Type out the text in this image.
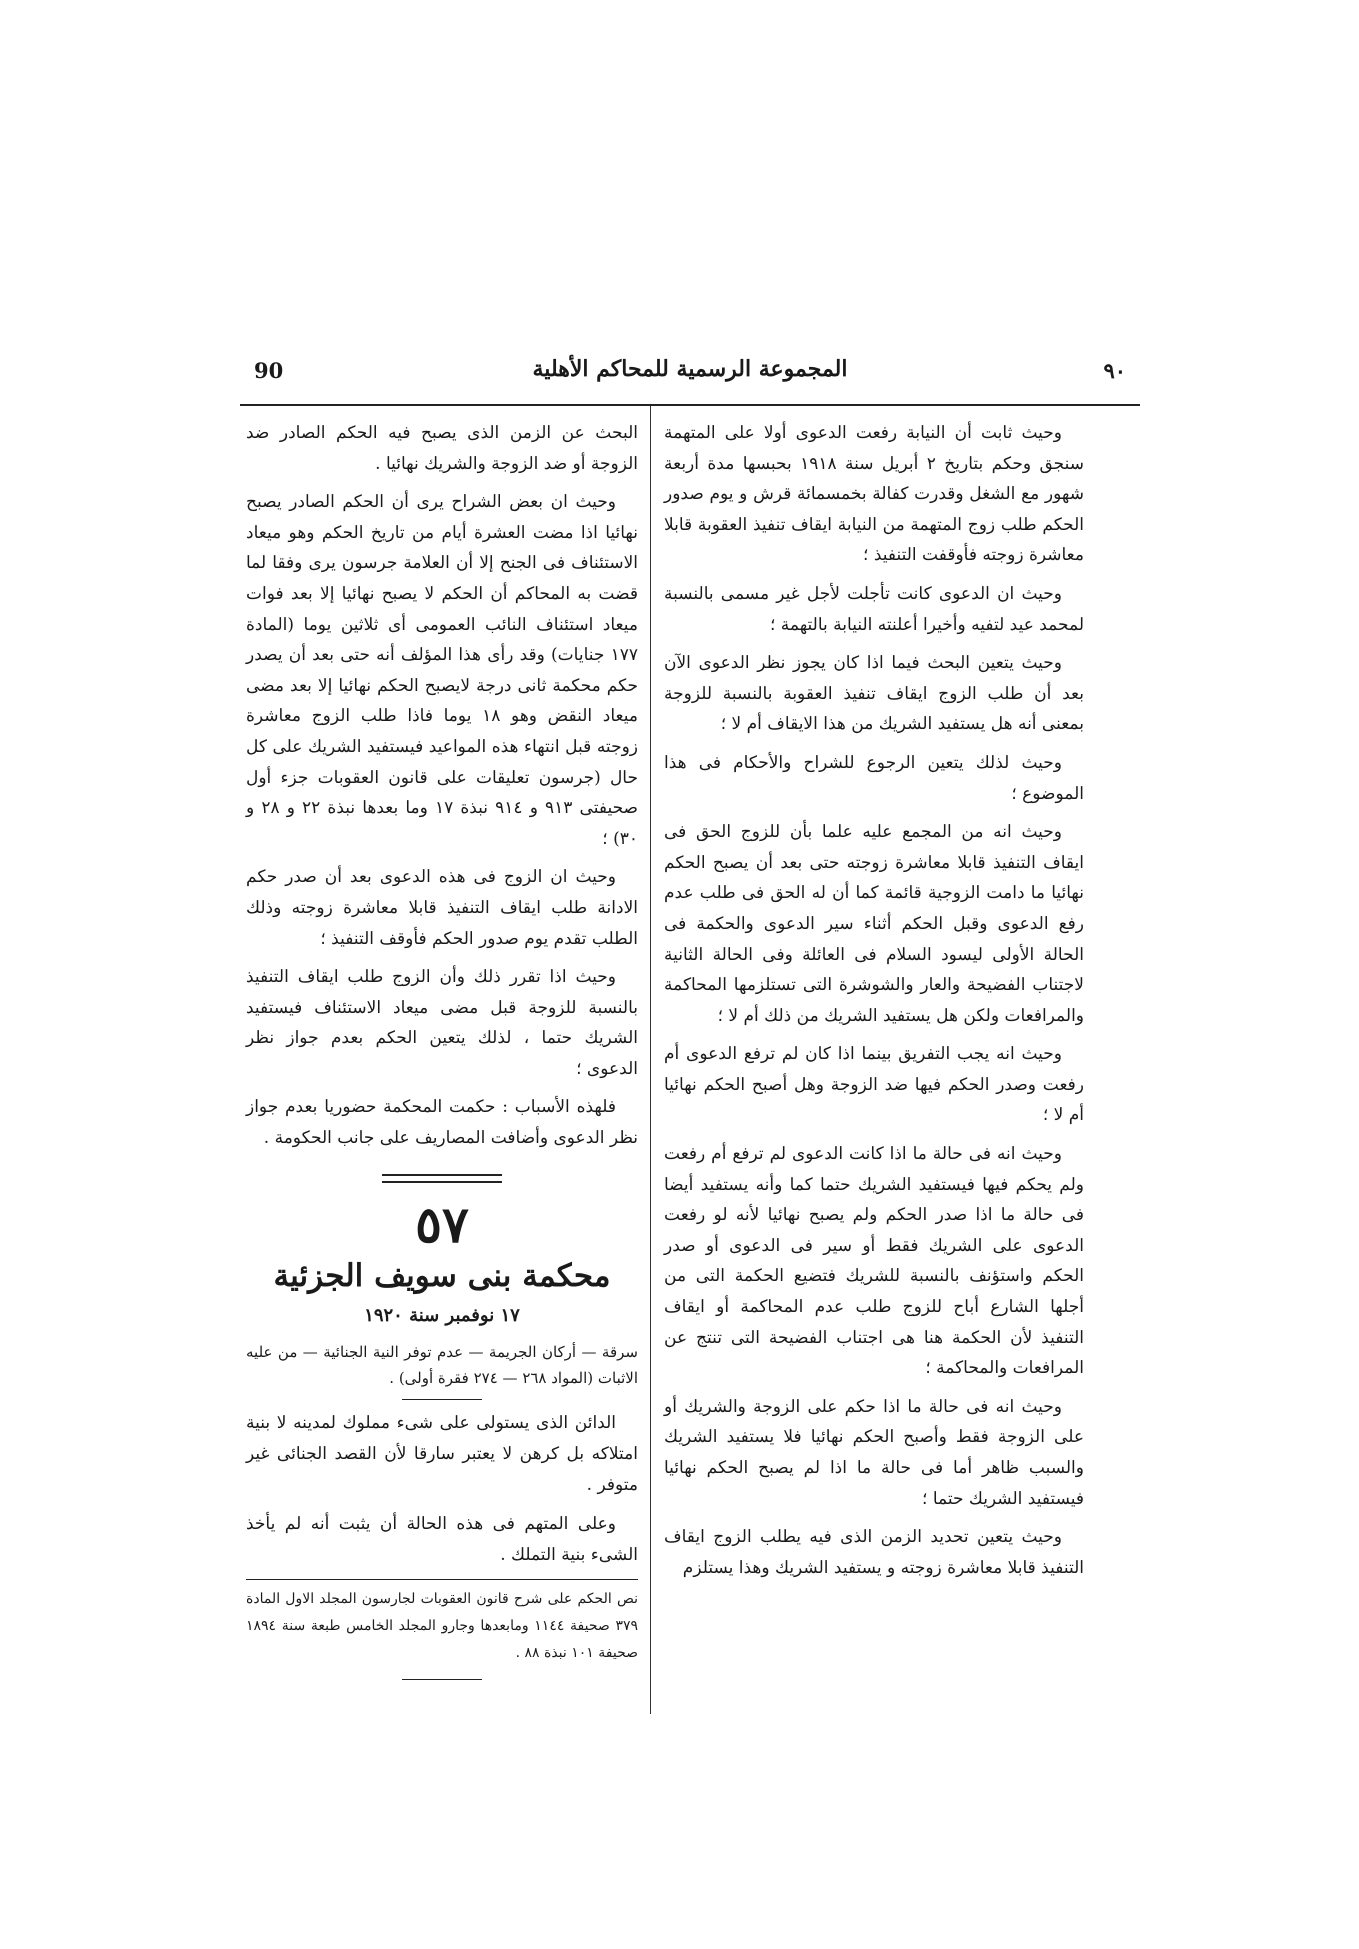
90	المجموعة الرسمية للمحاكم الأهلية	٩٠

وحيث ثابت أن النيابة رفعت الدعوى أولا على المتهمة سنجق وحكم بتاريخ ٢ أبريل سنة ١٩١٨ بحبسها مدة أربعة شهور مع الشغل وقدرت كفالة بخمسمائة قرش و يوم صدور الحكم طلب زوج المتهمة من النيابة ايقاف تنفيذ العقوبة قابلا معاشرة زوجته فأوقفت التنفيذ ؛

وحيث ان الدعوى كانت تأجلت لأجل غير مسمى بالنسبة لمحمد عيد لتفيه وأخيرا أعلنته النيابة بالتهمة ؛

وحيث يتعين البحث فيما اذا كان يجوز نظر الدعوى الآن بعد أن طلب الزوج ايقاف تنفيذ العقوبة بالنسبة للزوجة بمعنى أنه هل يستفيد الشريك من هذا الايقاف أم لا ؛

وحيث لذلك يتعين الرجوع للشراح والأحكام فى هذا الموضوع ؛

وحيث انه من المجمع عليه علما بأن للزوج الحق فى ايقاف التنفيذ قابلا معاشرة زوجته حتى بعد أن يصبح الحكم نهائيا ما دامت الزوجية قائمة كما أن له الحق فى طلب عدم رفع الدعوى وقبل الحكم أثناء سير الدعوى والحكمة فى الحالة الأولى ليسود السلام فى العائلة وفى الحالة الثانية لاجتناب الفضيحة والعار والشوشرة التى تستلزمها المحاكمة والمرافعات ولكن هل يستفيد الشريك من ذلك أم لا ؛

وحيث انه يجب التفريق بينما اذا كان لم ترفع الدعوى أم رفعت وصدر الحكم فيها ضد الزوجة وهل أصبح الحكم نهائيا أم لا ؛

وحيث انه فى حالة ما اذا كانت الدعوى لم ترفع أم رفعت ولم يحكم فيها فيستفيد الشريك حتما كما وأنه يستفيد أيضا فى حالة ما اذا صدر الحكم ولم يصبح نهائيا لأنه لو رفعت الدعوى على الشريك فقط أو سير فى الدعوى أو صدر الحكم واستؤنف بالنسبة للشريك فتضيع الحكمة التى من أجلها الشارع أباح للزوج طلب عدم المحاكمة أو ايقاف التنفيذ لأن الحكمة هنا هى اجتناب الفضيحة التى تنتج عن المرافعات والمحاكمة ؛

وحيث انه فى حالة ما اذا حكم على الزوجة والشريك أو على الزوجة فقط وأصبح الحكم نهائيا فلا يستفيد الشريك والسبب ظاهر أما فى حالة ما اذا لم يصبح الحكم نهائيا فيستفيد الشريك حتما ؛

وحيث يتعين تحديد الزمن الذى فيه يطلب الزوج ايقاف التنفيذ قابلا معاشرة زوجته و يستفيد الشريك وهذا يستلزم

البحث عن الزمن الذى يصبح فيه الحكم الصادر ضد الزوجة أو ضد الزوجة والشريك نهائيا .

وحيث ان بعض الشراح يرى أن الحكم الصادر يصبح نهائيا اذا مضت العشرة أيام من تاريخ الحكم وهو ميعاد الاستئناف فى الجنح إلا أن العلامة جرسون يرى وفقا لما قضت به المحاكم أن الحكم لا يصبح نهائيا إلا بعد فوات ميعاد استئناف النائب العمومى أى ثلاثين يوما (المادة ١٧٧ جنايات) وقد رأى هذا المؤلف أنه حتى بعد أن يصدر حكم محكمة ثانى درجة لايصبح الحكم نهائيا إلا بعد مضى ميعاد النقض وهو ١٨ يوما فاذا طلب الزوج معاشرة زوجته قبل انتهاء هذه المواعيد فيستفيد الشريك على كل حال (جرسون تعليقات على قانون العقوبات جزء أول صحيفتى ٩١٣ و ٩١٤ نبذة ١٧ وما بعدها نبذة ٢٢ و ٢٨ و ٣٠) ؛

وحيث ان الزوج فى هذه الدعوى بعد أن صدر حكم الادانة طلب ايقاف التنفيذ قابلا معاشرة زوجته وذلك الطلب تقدم يوم صدور الحكم فأوقف التنفيذ ؛

وحيث اذا تقرر ذلك وأن الزوج طلب ايقاف التنفيذ بالنسبة للزوجة قبل مضى ميعاد الاستئناف فيستفيد الشريك حتما ، لذلك يتعين الحكم بعدم جواز نظر الدعوى ؛

فلهذه الأسباب : حكمت المحكمة حضوريا بعدم جواز نظر الدعوى وأضافت المصاريف على جانب الحكومة .

٥٧
محكمة بنى سويف الجزئية
١٧ نوفمبر سنة ١٩٢٠

سرقة — أركان الجريمة — عدم توفر النية الجنائية — من عليه الاثبات (المواد ٢٦٨ — ٢٧٤ فقرة أولى) .

الدائن الذى يستولى على شىء مملوك لمدينه لا بنية امتلاكه بل كرهن لا يعتبر سارقا لأن القصد الجنائى غير متوفر .

وعلى المتهم فى هذه الحالة أن يثبت أنه لم يأخذ الشىء بنية التملك .

نص الحكم على شرح قانون العقوبات لجارسون المجلد الاول المادة ٣٧٩ صحيفة ١١٤٤ ومابعدها وجارو المجلد الخامس طبعة سنة ١٨٩٤ صحيفة ١٠١ نبذة ٨٨ .
